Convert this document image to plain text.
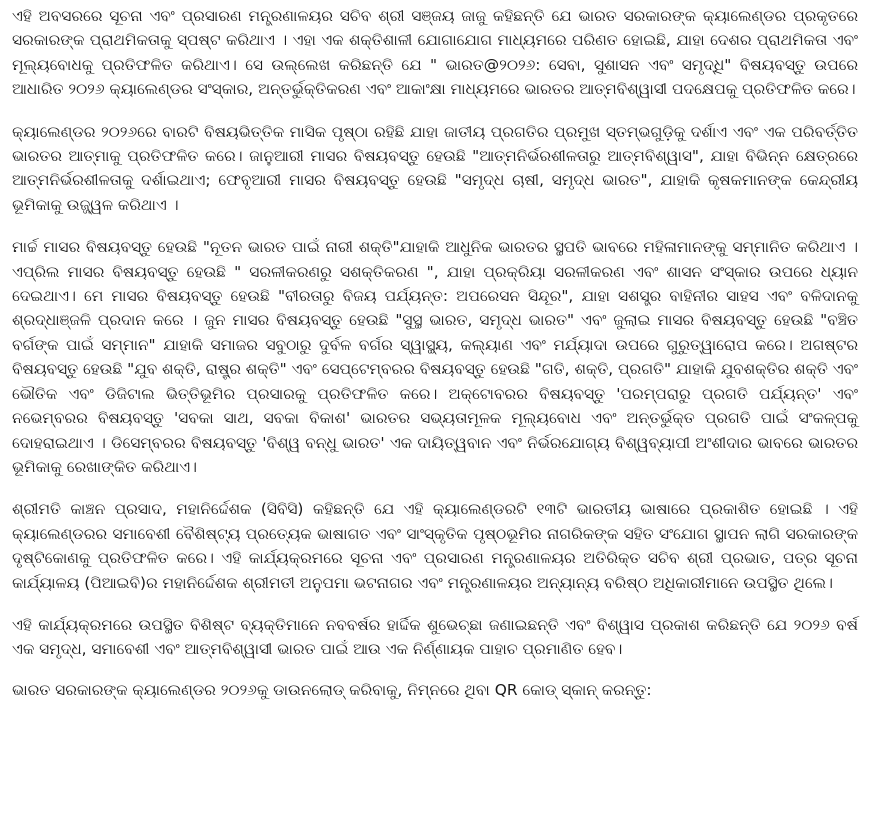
ଏହି ଅବସରରେ ସୂଚନା ଏବଂ ପ୍ରସାରଣ ମନ୍ତ୍ରଣାଳୟର ସଚିବ ଶ୍ରୀ ସଞ୍ଜୟ ଜାଜୁ କହିଛନ୍ତି ଯେ ଭାରତ ସରକାରଙ୍କ କ୍ୟାଲେଣ୍ଡର ପ୍ରକୃତରେ ସରକାରଙ୍କ ପ୍ରାଥମିକତାକୁ ସ୍ପଷ୍ଟ କରିଥାଏ । ଏହା ଏକ ଶକ୍ତିଶାଳୀ ଯୋଗାଯୋଗ ମାଧ୍ୟମରେ ପରିଣତ ହୋଇଛି, ଯାହା ଦେଶର ପ୍ରାଥମିକତା ଏବଂ ମୂଲ୍ୟବୋଧକୁ ପ୍ରତିଫଳିତ କରିଥାଏ। ସେ ଉଲ୍ଲେଖ କରିଛନ୍ତି ଯେ " ଭାରତ@୨୦୨୬: ସେବା, ସୁଶାସନ ଏବଂ ସମୃଦ୍ଧି" ବିଷୟବସ୍ତୁ ଉପରେ ଆଧାରିତ ୨୦୨୬ କ୍ୟାଲେଣ୍ଡର ସଂସ୍କାର, ଅନ୍ତର୍ଭୁକ୍ତିକରଣ ଏବଂ ଆକାଂକ୍ଷା ମାଧ୍ୟମରେ ଭାରତର ଆତ୍ମବିଶ୍ୱାସୀ ପଦକ୍ଷେପକୁ ପ୍ରତିଫଳିତ କରେ।

କ୍ୟାଲେଣ୍ଡର ୨୦୨୬ରେ ବାରଟି ବିଷୟଭିତ୍ତିକ ମାସିକ ପୃଷ୍ଠା ରହିଛି ଯାହା ଜାତୀୟ ପ୍ରଗତିର ପ୍ରମୁଖ ସ୍ତମ୍ଭଗୁଡ଼ିକୁ ଦର୍ଶାଏ ଏବଂ ଏକ ପରିବର୍ତ୍ତିତ ଭାରତର ଆତ୍ମାକୁ ପ୍ରତିଫଳିତ କରେ। ଜାନୁଆରୀ ମାସର ବିଷୟବସ୍ତୁ ହେଉଛି "ଆତ୍ମନିର୍ଭରଶୀଳତାରୁ ଆତ୍ମବିଶ୍ୱାସ", ଯାହା ବିଭିନ୍ନ କ୍ଷେତ୍ରରେ ଆତ୍ମନିର୍ଭରଶୀଳତାକୁ ଦର୍ଶାଇଥାଏ; ଫେବୃଆରୀ ମାସର ବିଷୟବସ୍ତୁ ହେଉଛି "ସମୃଦ୍ଧ ଚାଷୀ, ସମୃଦ୍ଧ ଭାରତ", ଯାହାକି କୃଷକମାନଙ୍କ କେନ୍ଦ୍ରୀୟ ଭୂମିକାକୁ ଉଜ୍ଜ୍ୱଳ କରିଥାଏ ।

ମାର୍ଚ୍ଚ ମାସର ବିଷୟବସ୍ତୁ ହେଉଛି "ନୂତନ ଭାରତ ପାଇଁ ନାରୀ ଶକ୍ତି"ଯାହାକି ଆଧୁନିକ ଭାରତର ସ୍ଥପତି ଭାବରେ ମହିଳାମାନଙ୍କୁ ସମ୍ମାନିତ କରିଥାଏ । ଏପ୍ରିଲ ମାସର ବିଷୟବସ୍ତୁ ହେଉଛି " ସରଳୀକରଣରୁ ସଶକ୍ତିକରଣ ", ଯାହା ପ୍ରକ୍ରିୟା ସରଳୀକରଣ ଏବଂ ଶାସନ ସଂସ୍କାର ଉପରେ ଧ୍ୟାନ ଦେଇଥାଏ। ମେ ମାସର ବିଷୟବସ୍ତୁ ହେଉଛି "ବୀରତାରୁ ବିଜୟ ପର୍ଯ୍ୟନ୍ତ: ଅପରେସନ ସିନ୍ଦୂର", ଯାହା ସଶସ୍ତ୍ର ବାହିନୀର ସାହସ ଏବଂ ବଳିଦାନକୁ ଶ୍ରଦ୍ଧାଞ୍ଜଳି ପ୍ରଦାନ କରେ । ଜୁନ ମାସର ବିଷୟବସ୍ତୁ ହେଉଛି "ସୁସ୍ଥ ଭାରତ, ସମୃଦ୍ଧ ଭାରତ" ଏବଂ ଜୁଲାଇ ମାସର ବିଷୟବସ୍ତୁ ହେଉଛି "ବଞ୍ଚିତ ବର୍ଗଙ୍କ ପାଇଁ ସମ୍ମାନ" ଯାହାକି ସମାଜର ସବୁଠାରୁ ଦୁର୍ବଳ ବର୍ଗର ସ୍ୱାସ୍ଥ୍ୟ, କଲ୍ୟାଣ ଏବଂ ମର୍ଯ୍ୟାଦା ଉପରେ ଗୁରୁତ୍ୱାରୋପ କରେ। ଅଗଷ୍ଟର ବିଷୟବସ୍ତୁ ହେଉଛି "ଯୁବ ଶକ୍ତି, ରାଷ୍ଟ୍ର ଶକ୍ତି" ଏବଂ ସେପ୍ଟେମ୍ବରର ବିଷୟବସ୍ତୁ ହେଉଛି "ଗତି, ଶକ୍ତି, ପ୍ରଗତି" ଯାହାକି ଯୁବଶକ୍ତିର ଶକ୍ତି ଏବଂ ଭୌତିକ ଏବଂ ଡିଜିଟାଲ ଭିତ୍ତିଭୂମିର ପ୍ରସାରକୁ ପ୍ରତିଫଳିତ କରେ। ଅକ୍ଟୋବରର ବିଷୟବସ୍ତୁ 'ପରମ୍ପରାରୁ ପ୍ରଗତି ପର୍ଯ୍ୟନ୍ତ' ଏବଂ ନଭେମ୍ବରର ବିଷୟବସ୍ତୁ 'ସବକା ସାଥ, ସବକା ବିକାଶ' ଭାରତର ସଭ୍ୟତାମୂଳକ ମୂଲ୍ୟବୋଧ ଏବଂ ଅନ୍ତର୍ଭୁକ୍ତ ପ୍ରଗତି ପାଇଁ ସଂକଳ୍ପକୁ ଦୋହରାଇଥାଏ । ଡିସେମ୍ବରର ବିଷୟବସ୍ତୁ 'ବିଶ୍ୱ ବନ୍ଧୁ ଭାରତ' ଏକ ଦାୟିତ୍ୱବାନ ଏବଂ ନିର୍ଭରଯୋଗ୍ୟ ବିଶ୍ୱବ୍ୟାପୀ ଅଂଶୀଦାର ଭାବରେ ଭାରତର ଭୂମିକାକୁ ରେଖାଙ୍କିତ କରିଥାଏ।

ଶ୍ରୀମତି କାଞ୍ଚନ ପ୍ରସାଦ, ମହାନିର୍ଦ୍ଦେଶକ (ସିବିସି) କହିଛନ୍ତି ଯେ ଏହି କ୍ୟାଲେଣ୍ଡରଟି ୧୩ଟି ଭାରତୀୟ ଭାଷାରେ ପ୍ରକାଶିତ ହୋଇଛି । ଏହି କ୍ୟାଲେଣ୍ଡରର ସମାବେଶୀ ବୈଶିଷ୍ଟ୍ୟ ପ୍ରତ୍ୟେକ ଭାଷାଗତ ଏବଂ ସାଂସ୍କୃତିକ ପୃଷ୍ଠଭୂମିର ନାଗରିକଙ୍କ ସହିତ ସଂଯୋଗ ସ୍ଥାପନ ଲାଗି ସରକାରଙ୍କ ଦୃଷ୍ଟିକୋଣକୁ ପ୍ରତିଫଳିତ କରେ। ଏହି କାର୍ଯ୍ୟକ୍ରମରେ ସୂଚନା ଏବଂ ପ୍ରସାରଣ ମନ୍ତ୍ରଣାଳୟର ଅତିରିକ୍ତ ସଚିବ ଶ୍ରୀ ପ୍ରଭାତ, ପତ୍ର ସୂଚନା କାର୍ଯ୍ୟାଳୟ (ପିଆଇବି)ର ମହାନିର୍ଦ୍ଦେଶକ ଶ୍ରୀମତୀ ଅନୁପମା ଭଟନାଗର ଏବଂ ମନ୍ତ୍ରଣାଳୟର ଅନ୍ୟାନ୍ୟ ବରିଷ୍ଠ ଅଧିକାରୀମାନେ ଉପସ୍ଥିତ ଥିଲେ।

ଏହି କାର୍ଯ୍ୟକ୍ରମରେ ଉପସ୍ଥିତ ବିଶିଷ୍ଟ ବ୍ୟକ୍ତିମାନେ ନବବର୍ଷର ହାର୍ଦ୍ଦିକ ଶୁଭେଚ୍ଛା ଜଣାଇଛନ୍ତି ଏବଂ ବିଶ୍ୱାସ ପ୍ରକାଶ କରିଛନ୍ତି ଯେ ୨୦୨୬ ବର୍ଷ ଏକ ସମୃଦ୍ଧ, ସମାବେଶୀ ଏବଂ ଆତ୍ମବିଶ୍ୱାସୀ ଭାରତ ପାଇଁ ଆଉ ଏକ ନିର୍ଣ୍ଣାୟକ ପାହାଚ ପ୍ରମାଣିତ ହେବ।

ଭାରତ ସରକାରଙ୍କ କ୍ୟାଲେଣ୍ଡର ୨୦୨୬କୁ ଡାଉନଲୋଡ୍ କରିବାକୁ, ନିମ୍ନରେ ଥିବା QR କୋଡ୍ ସ୍କାନ୍ କରନ୍ତୁ:
